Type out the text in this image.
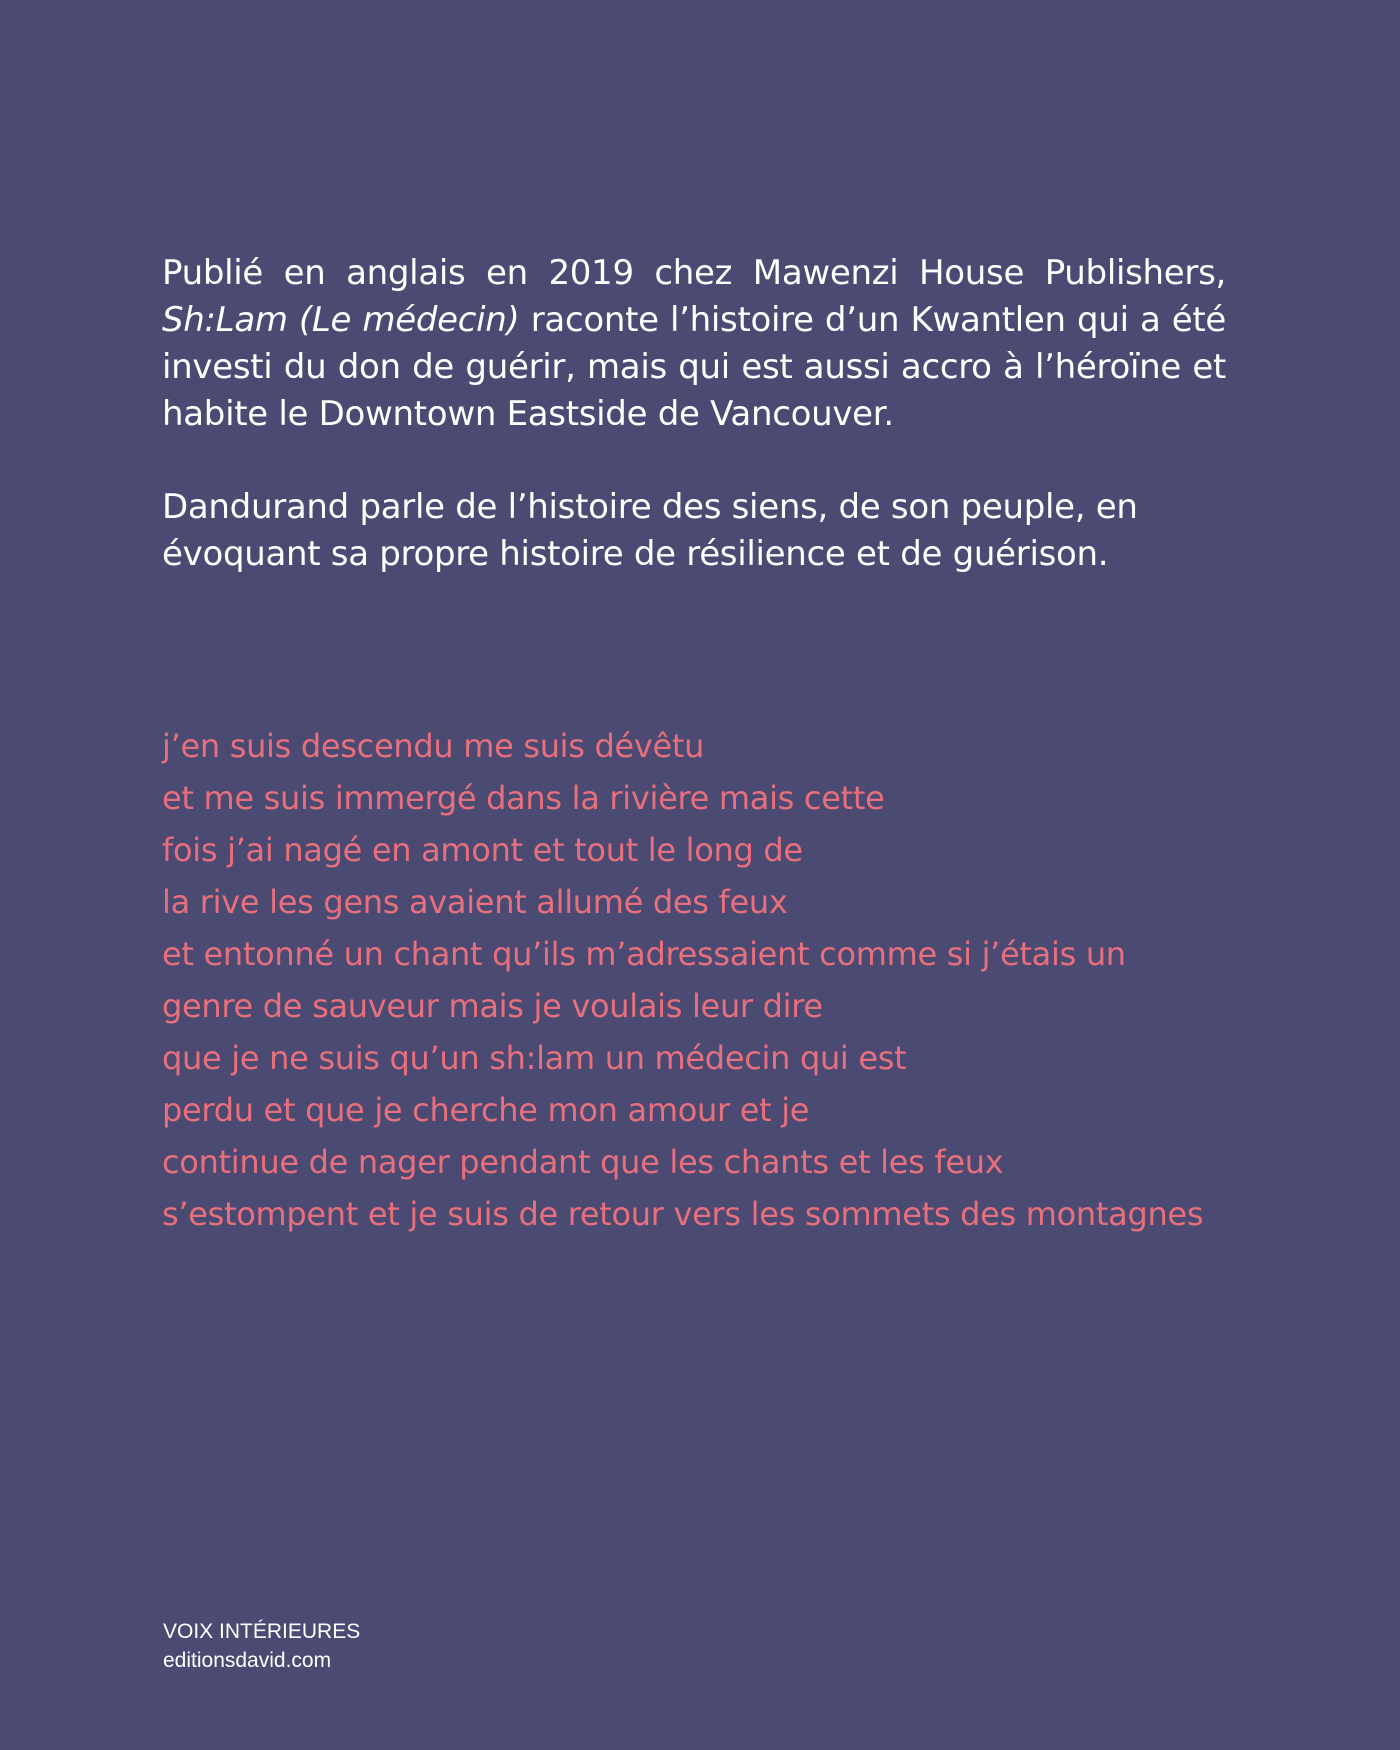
Publié en anglais en 2019 chez Mawenzi House Publishers, Sh:Lam (Le médecin) raconte l’histoire d’un Kwantlen qui a été investi du don de guérir, mais qui est aussi accro à l’héroïne et habite le Downtown Eastside de Vancouver.

Dandurand parle de l’histoire des siens, de son peuple, en évoquant sa propre histoire de résilience et de guérison.

j’en suis descendu me suis dévêtu
et me suis immergé dans la rivière mais cette
fois j’ai nagé en amont et tout le long de
la rive les gens avaient allumé des feux
et entonné un chant qu’ils m’adressaient comme si j’étais un
genre de sauveur mais je voulais leur dire
que je ne suis qu’un sh:lam un médecin qui est
perdu et que je cherche mon amour et je
continue de nager pendant que les chants et les feux
s’estompent et je suis de retour vers les sommets des montagnes
VOIX INTÉRIEURES
editionsdavid.com
